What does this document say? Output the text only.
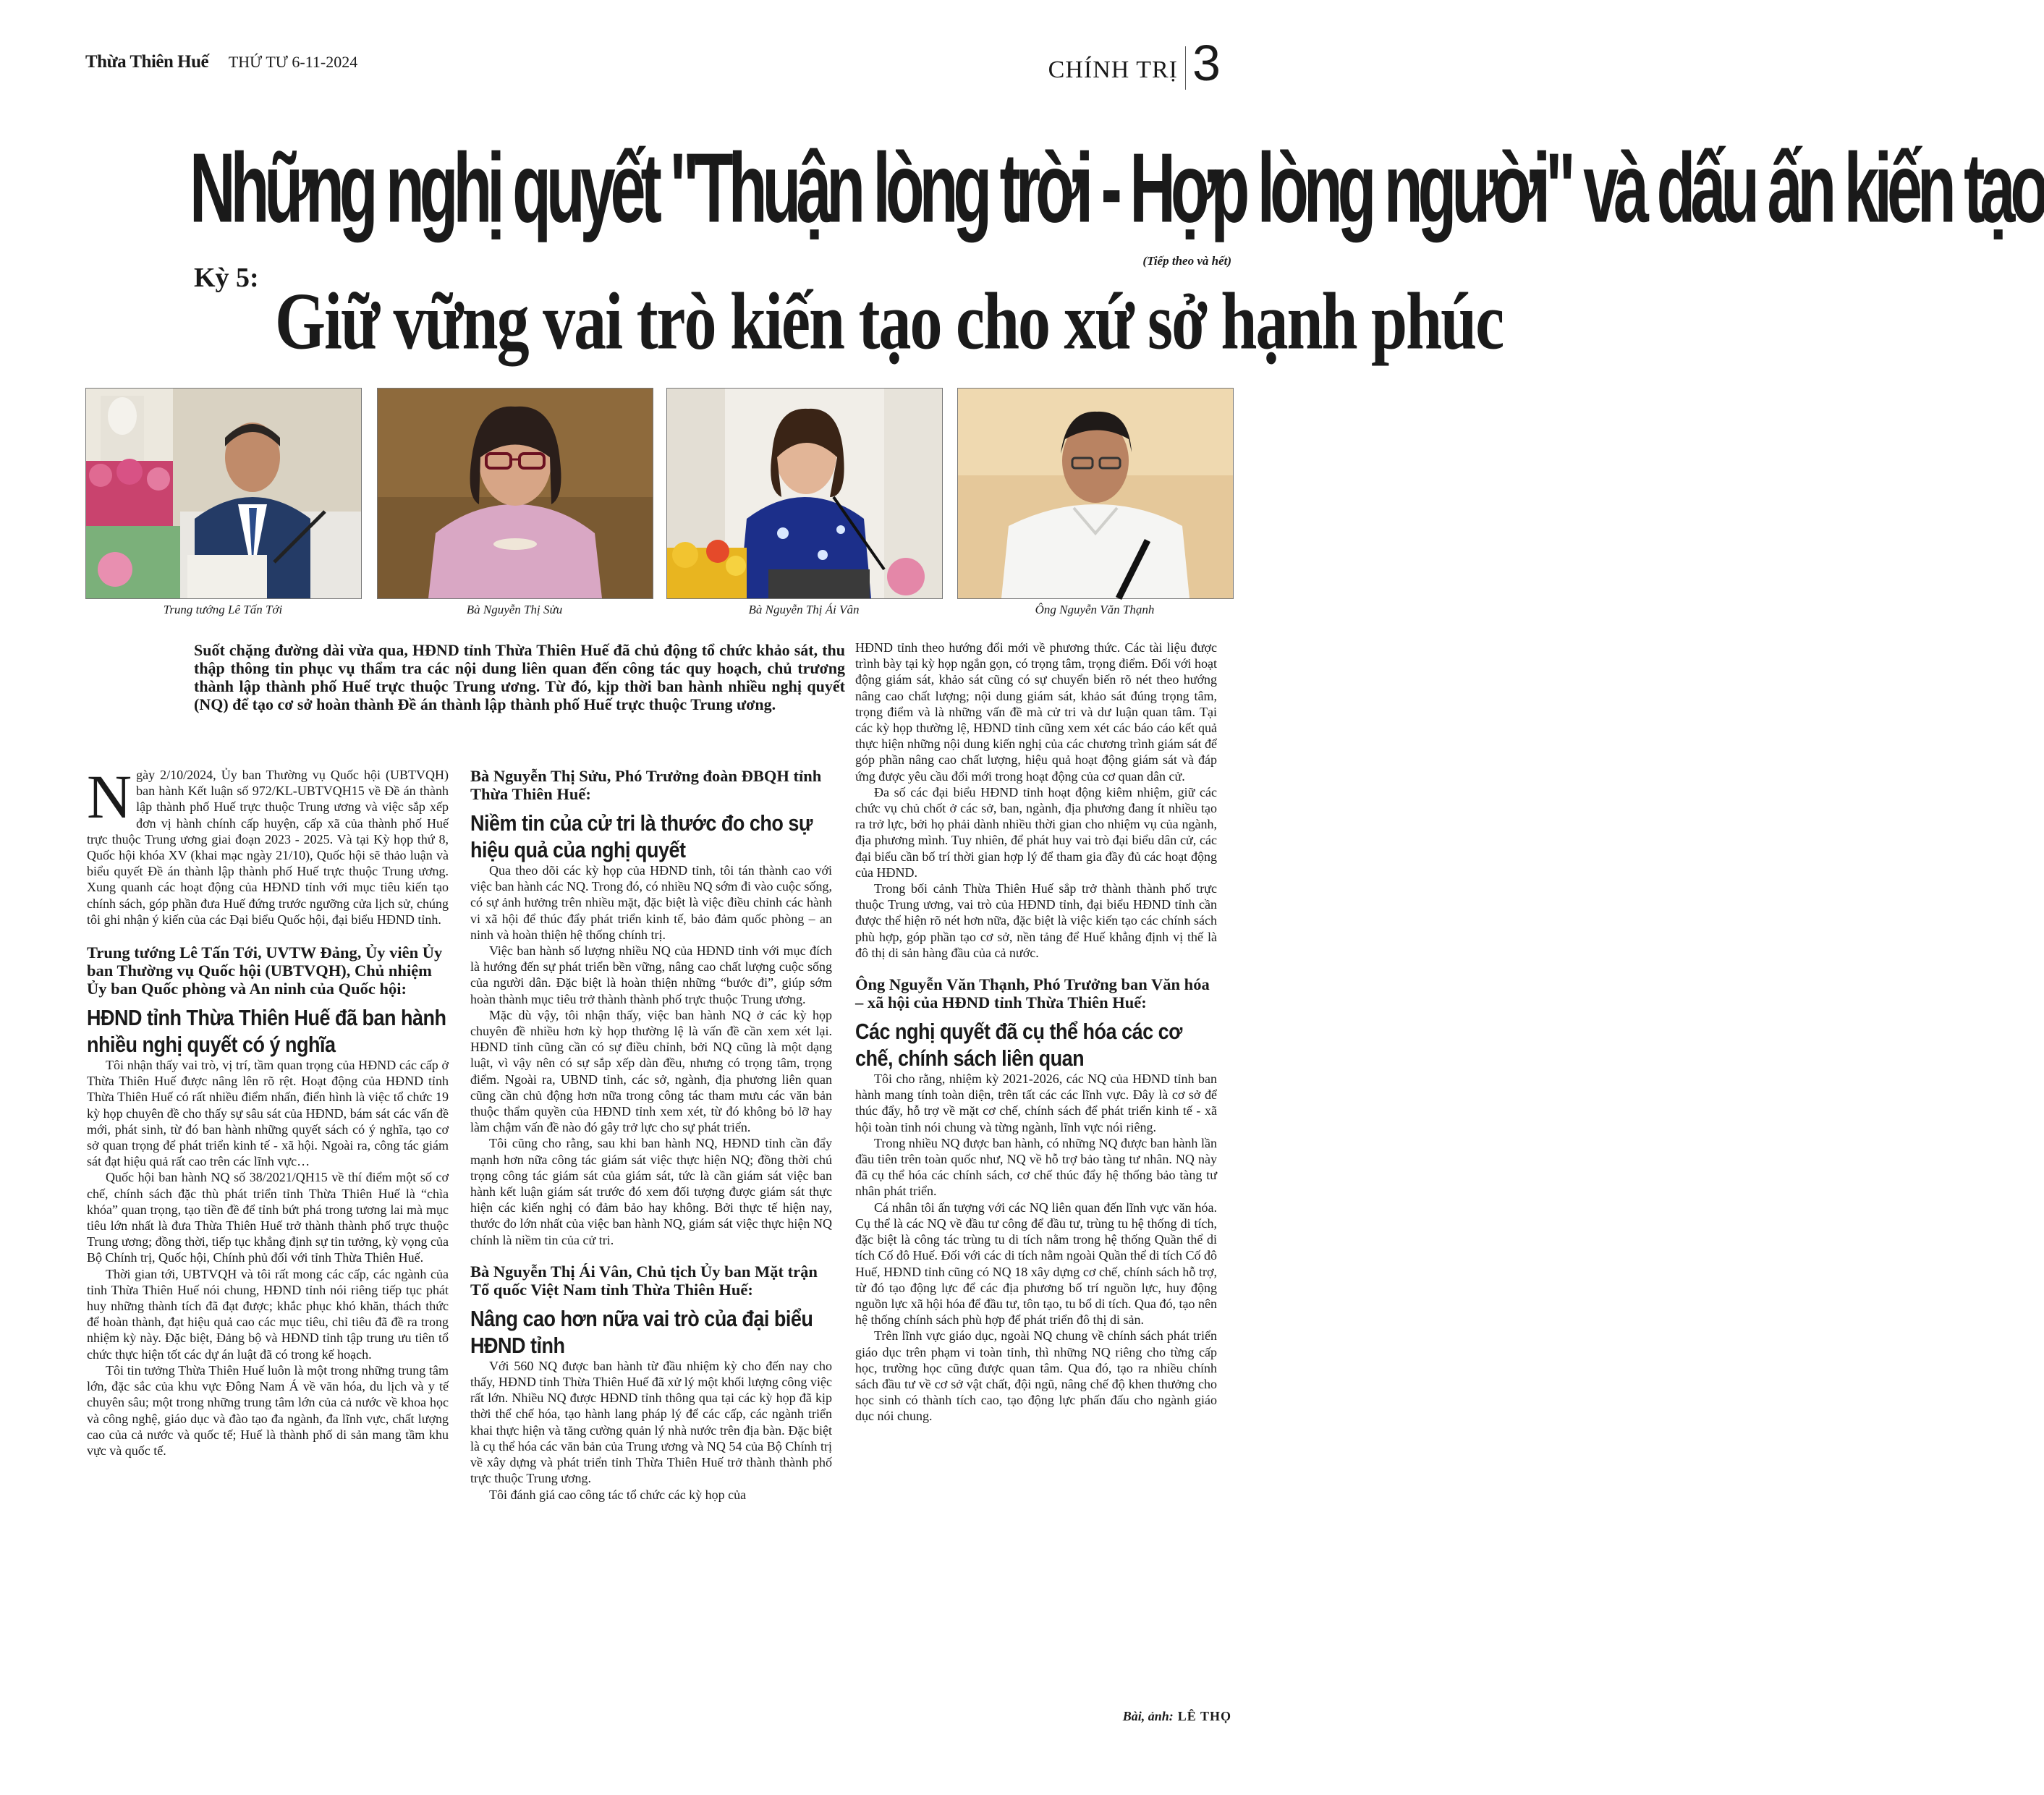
Thừa Thiên Huế THỨ TƯ 6-11-2024	CHÍNH TRỊ 3
Những nghị quyết "Thuận lòng trời - Hợp lòng người" và dấu ấn kiến tạo
(Tiếp theo và hết)
Kỳ 5: Giữ vững vai trò kiến tạo cho xứ sở hạnh phúc
Trung tướng Lê Tấn Tới	Bà Nguyễn Thị Sửu	Bà Nguyễn Thị Ái Vân	Ông Nguyễn Văn Thạnh

Suốt chặng đường dài vừa qua, HĐND tỉnh Thừa Thiên Huế đã chủ động tổ chức khảo sát, thu thập thông tin phục vụ thẩm tra các nội dung liên quan đến công tác quy hoạch, chủ trương thành lập thành phố Huế trực thuộc Trung ương. Từ đó, kịp thời ban hành nhiều nghị quyết (NQ) để tạo cơ sở hoàn thành Đề án thành lập thành phố Huế trực thuộc Trung ương.

Ngày 2/10/2024, Ủy ban Thường vụ Quốc hội (UBTVQH) ban hành Kết luận số 972/KL-UBTVQH15 về Đề án thành lập thành phố Huế trực thuộc Trung ương và việc sắp xếp đơn vị hành chính cấp huyện, cấp xã của thành phố Huế trực thuộc Trung ương giai đoạn 2023 - 2025. Và tại Kỳ họp thứ 8, Quốc hội khóa XV (khai mạc ngày 21/10), Quốc hội sẽ thảo luận và biểu quyết Đề án thành lập thành phố Huế trực thuộc Trung ương. Xung quanh các hoạt động của HĐND tỉnh với mục tiêu kiến tạo chính sách, góp phần đưa Huế đứng trước ngưỡng cửa lịch sử, chúng tôi ghi nhận ý kiến của các Đại biểu Quốc hội, đại biểu HĐND tỉnh.

Trung tướng Lê Tấn Tới, UVTW Đảng, Ủy viên Ủy ban Thường vụ Quốc hội (UBTVQH), Chủ nhiệm Ủy ban Quốc phòng và An ninh của Quốc hội:
HĐND tỉnh Thừa Thiên Huế đã ban hành nhiều nghị quyết có ý nghĩa

Tôi nhận thấy vai trò, vị trí, tầm quan trọng của HĐND các cấp ở Thừa Thiên Huế được nâng lên rõ rệt. Hoạt động của HĐND tỉnh Thừa Thiên Huế có rất nhiều điểm nhấn, điển hình là việc tổ chức 19 kỳ họp chuyên đề cho thấy sự sâu sát của HĐND, bám sát các vấn đề mới, phát sinh, từ đó ban hành những quyết sách có ý nghĩa, tạo cơ sở quan trọng để phát triển kinh tế - xã hội. Ngoài ra, công tác giám sát đạt hiệu quả rất cao trên các lĩnh vực…

Quốc hội ban hành NQ số 38/2021/QH15 về thí điểm một số cơ chế, chính sách đặc thù phát triển tỉnh Thừa Thiên Huế là “chìa khóa” quan trọng, tạo tiền đề để tỉnh bứt phá trong tương lai mà mục tiêu lớn nhất là đưa Thừa Thiên Huế trở thành thành phố trực thuộc Trung ương; đồng thời, tiếp tục khẳng định sự tin tưởng, kỳ vọng của Bộ Chính trị, Quốc hội, Chính phủ đối với tỉnh Thừa Thiên Huế.

Thời gian tới, UBTVQH và tôi rất mong các cấp, các ngành của tỉnh Thừa Thiên Huế nói chung, HĐND tỉnh nói riêng tiếp tục phát huy những thành tích đã đạt được; khắc phục khó khăn, thách thức để hoàn thành, đạt hiệu quả cao các mục tiêu, chỉ tiêu đã đề ra trong nhiệm kỳ này. Đặc biệt, Đảng bộ và HĐND tỉnh tập trung ưu tiên tổ chức thực hiện tốt các dự án luật đã có trong kế hoạch.

Tôi tin tưởng Thừa Thiên Huế luôn là một trong những trung tâm lớn, đặc sắc của khu vực Đông Nam Á về văn hóa, du lịch và y tế chuyên sâu; một trong những trung tâm lớn của cả nước về khoa học và công nghệ, giáo dục và đào tạo đa ngành, đa lĩnh vực, chất lượng cao của cả nước và quốc tế; Huế là thành phố di sản mang tầm khu vực và quốc tế.

Bà Nguyễn Thị Sửu, Phó Trưởng đoàn ĐBQH tỉnh Thừa Thiên Huế:
Niềm tin của cử tri là thước đo cho sự hiệu quả của nghị quyết

Qua theo dõi các kỳ họp của HĐND tỉnh, tôi tán thành cao với việc ban hành các NQ. Trong đó, có nhiều NQ sớm đi vào cuộc sống, có sự ảnh hưởng trên nhiều mặt, đặc biệt là việc điều chỉnh các hành vi xã hội để thúc đẩy phát triển kinh tế, bảo đảm quốc phòng – an ninh và hoàn thiện hệ thống chính trị.

Việc ban hành số lượng nhiều NQ của HĐND tỉnh với mục đích là hướng đến sự phát triển bền vững, nâng cao chất lượng cuộc sống của người dân. Đặc biệt là hoàn thiện những “bước đi”, giúp sớm hoàn thành mục tiêu trở thành thành phố trực thuộc Trung ương.

Mặc dù vậy, tôi nhận thấy, việc ban hành NQ ở các kỳ họp chuyên đề nhiều hơn kỳ họp thường lệ là vấn đề cần xem xét lại. HĐND tỉnh cũng cần có sự điều chỉnh, bởi NQ cũng là một dạng luật, vì vậy nên có sự sắp xếp dàn đều, nhưng có trọng tâm, trọng điểm. Ngoài ra, UBND tỉnh, các sở, ngành, địa phương liên quan cũng cần chủ động hơn nữa trong công tác tham mưu các văn bản thuộc thẩm quyền của HĐND tỉnh xem xét, từ đó không bỏ lỡ hay làm chậm vấn đề nào đó gây trở lực cho sự phát triển.

Tôi cũng cho rằng, sau khi ban hành NQ, HĐND tỉnh cần đẩy mạnh hơn nữa công tác giám sát việc thực hiện NQ; đồng thời chú trọng công tác giám sát của giám sát, tức là cần giám sát việc ban hành kết luận giám sát trước đó xem đối tượng được giám sát thực hiện các kiến nghị có đảm bảo hay không. Bởi thực tế hiện nay, thước đo lớn nhất của việc ban hành NQ, giám sát việc thực hiện NQ chính là niềm tin của cử tri.

Bà Nguyễn Thị Ái Vân, Chủ tịch Ủy ban Mặt trận Tổ quốc Việt Nam tỉnh Thừa Thiên Huế:
Nâng cao hơn nữa vai trò của đại biểu HĐND tỉnh

Với 560 NQ được ban hành từ đầu nhiệm kỳ cho đến nay cho thấy, HĐND tỉnh Thừa Thiên Huế đã xử lý một khối lượng công việc rất lớn. Nhiều NQ được HĐND tỉnh thông qua tại các kỳ họp đã kịp thời thể chế hóa, tạo hành lang pháp lý để các cấp, các ngành triển khai thực hiện và tăng cường quản lý nhà nước trên địa bàn. Đặc biệt là cụ thể hóa các văn bản của Trung ương và NQ 54 của Bộ Chính trị về xây dựng và phát triển tỉnh Thừa Thiên Huế trở thành thành phố trực thuộc Trung ương.

Tôi đánh giá cao công tác tổ chức các kỳ họp của

HĐND tỉnh theo hướng đổi mới về phương thức. Các tài liệu được trình bày tại kỳ họp ngắn gọn, có trọng tâm, trọng điểm. Đối với hoạt động giám sát, khảo sát cũng có sự chuyển biến rõ nét theo hướng nâng cao chất lượng; nội dung giám sát, khảo sát đúng trọng tâm, trọng điểm và là những vấn đề mà cử tri và dư luận quan tâm. Tại các kỳ họp thường lệ, HĐND tỉnh cũng xem xét các báo cáo kết quả thực hiện những nội dung kiến nghị của các chương trình giám sát để góp phần nâng cao chất lượng, hiệu quả hoạt động giám sát và đáp ứng được yêu cầu đổi mới trong hoạt động của cơ quan dân cử.

Đa số các đại biểu HĐND tỉnh hoạt động kiêm nhiệm, giữ các chức vụ chủ chốt ở các sở, ban, ngành, địa phương đang ít nhiều tạo ra trở lực, bởi họ phải dành nhiều thời gian cho nhiệm vụ của ngành, địa phương mình. Tuy nhiên, để phát huy vai trò đại biểu dân cử, các đại biểu cần bố trí thời gian hợp lý để tham gia đầy đủ các hoạt động của HĐND.

Trong bối cảnh Thừa Thiên Huế sắp trở thành thành phố trực thuộc Trung ương, vai trò của HĐND tỉnh, đại biểu HĐND tỉnh cần được thể hiện rõ nét hơn nữa, đặc biệt là việc kiến tạo các chính sách phù hợp, góp phần tạo cơ sở, nền tảng để Huế khẳng định vị thế là đô thị di sản hàng đầu của cả nước.

Ông Nguyễn Văn Thạnh, Phó Trưởng ban Văn hóa – xã hội của HĐND tỉnh Thừa Thiên Huế:
Các nghị quyết đã cụ thể hóa các cơ chế, chính sách liên quan

Tôi cho rằng, nhiệm kỳ 2021-2026, các NQ của HĐND tỉnh ban hành mang tính toàn diện, trên tất các các lĩnh vực. Đây là cơ sở để thúc đẩy, hỗ trợ về mặt cơ chế, chính sách để phát triển kinh tế - xã hội toàn tỉnh nói chung và từng ngành, lĩnh vực nói riêng.

Trong nhiều NQ được ban hành, có những NQ được ban hành lần đầu tiên trên toàn quốc như, NQ về hỗ trợ bảo tàng tư nhân. NQ này đã cụ thể hóa các chính sách, cơ chế thúc đẩy hệ thống bảo tàng tư nhân phát triển.

Cá nhân tôi ấn tượng với các NQ liên quan đến lĩnh vực văn hóa. Cụ thể là các NQ về đầu tư công để đầu tư, trùng tu hệ thống di tích, đặc biệt là công tác trùng tu di tích nằm trong hệ thống Quần thể di tích Cố đô Huế. Đối với các di tích nằm ngoài Quần thể di tích Cố đô Huế, HĐND tỉnh cũng có NQ 18 xây dựng cơ chế, chính sách hỗ trợ, từ đó tạo động lực để các địa phương bố trí nguồn lực, huy động nguồn lực xã hội hóa để đầu tư, tôn tạo, tu bổ di tích. Qua đó, tạo nên hệ thống chính sách phù hợp để phát triển đô thị di sản.

Trên lĩnh vực giáo dục, ngoài NQ chung về chính sách phát triển giáo dục trên phạm vi toàn tỉnh, thì những NQ riêng cho từng cấp học, trường học cũng được quan tâm. Qua đó, tạo ra nhiều chính sách đầu tư về cơ sở vật chất, đội ngũ, nâng chế độ khen thưởng cho học sinh có thành tích cao, tạo động lực phấn đấu cho ngành giáo dục nói chung.

Bài, ảnh: LÊ THỌ
